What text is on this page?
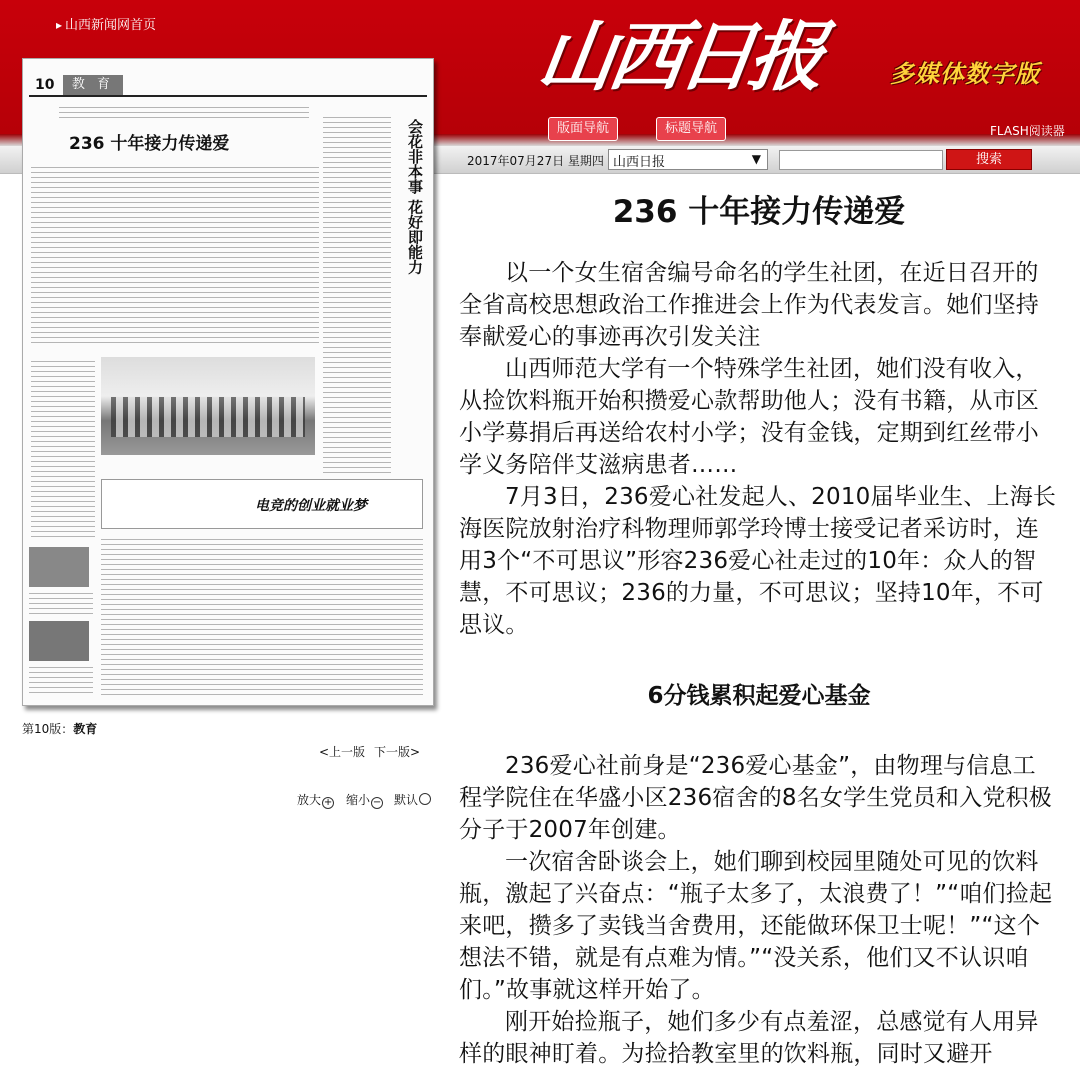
▸ 山西新闻网首页	山西日报	多媒体数字版
版面导航	标题导航	FLASH阅读器
2017年07月27日 星期四 山西日报	▼	搜索
10	教 育
236 十年接力传递爱	会花非本事 花好即能力
电竞的创业就业梦
第10版：教育
<上一版 下一版>
放大 + 缩小 − 默认
236 十年接力传递爱

以一个女生宿舍编号命名的学生社团，在近日召开的全省高校思想政治工作推进会上作为代表发言。她们坚持奉献爱心的事迹再次引发关注

山西师范大学有一个特殊学生社团，她们没有收入，从捡饮料瓶开始积攒爱心款帮助他人；没有书籍，从市区小学募捐后再送给农村小学；没有金钱，定期到红丝带小学义务陪伴艾滋病患者……

7月3日，236爱心社发起人、2010届毕业生、上海长海医院放射治疗科物理师郭学玲博士接受记者采访时，连用3个“不可思议”形容236爱心社走过的10年：众人的智慧，不可思议；236的力量，不可思议；坚持10年，不可思议。

6分钱累积起爱心基金

236爱心社前身是“236爱心基金”，由物理与信息工程学院住在华盛小区236宿舍的8名女学生党员和入党积极分子于2007年创建。

一次宿舍卧谈会上，她们聊到校园里随处可见的饮料瓶，激起了兴奋点：“瓶子太多了，太浪费了！”“咱们捡起来吧，攒多了卖钱当舍费用，还能做环保卫士呢！”“这个想法不错，就是有点难为情。”“没关系，他们又不认识咱们。”故事就这样开始了。

刚开始捡瓶子，她们多少有点羞涩，总感觉有人用异样的眼神盯着。为捡拾教室里的饮料瓶，同时又避开
